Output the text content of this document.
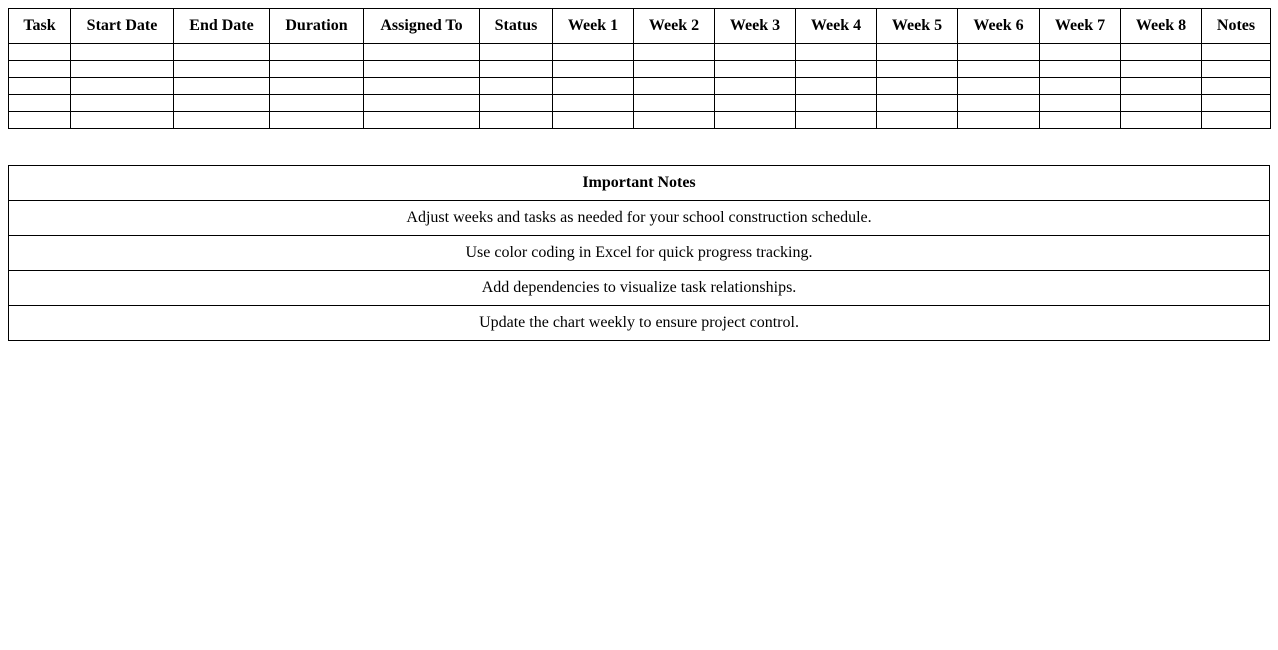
Task	Start Date	End Date	Duration	Assigned To	Status	Week 1	Week 2	Week 3	Week 4	Week 5	Week 6	Week 7	Week 8	Notes

Important Notes
Adjust weeks and tasks as needed for your school construction schedule.
Use color coding in Excel for quick progress tracking.
Add dependencies to visualize task relationships.
Update the chart weekly to ensure project control.
